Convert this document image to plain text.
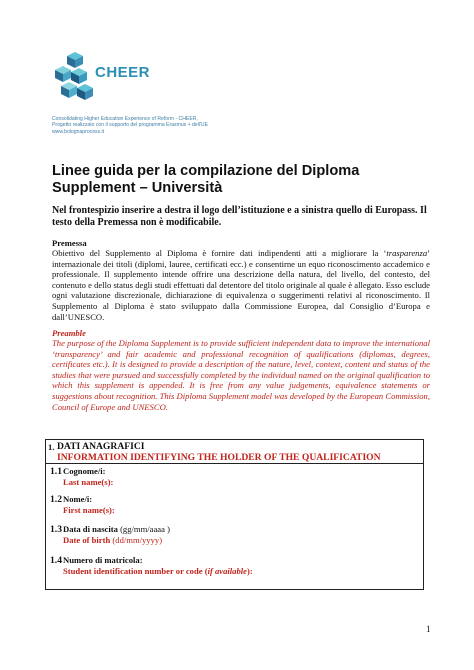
CHEER
Consolidating Higher Education Experience of Reform - CHEER,
Progetto realizzato con il supporto del programma Erasmus + dell'UE
www.bolognaprocess.it
Linee guida per la compilazione del Diploma Supplement – Università
Nel frontespizio inserire a destra il logo dell’istituzione e a sinistra quello di Europass. Il testo della Premessa non è modificabile.
Premessa
Obiettivo del Supplemento al Diploma è fornire dati indipendenti atti a migliorare la ‘trasparenza’ internazionale dei titoli (diplomi, lauree, certificati ecc.) e consentirne un equo riconoscimento accademico e professionale. Il supplemento intende offrire una descrizione della natura, del livello, del contesto, del contenuto e dello status degli studi effettuati dal detentore del titolo originale al quale è allegato. Esso esclude ogni valutazione discrezionale, dichiarazione di equivalenza o suggerimenti relativi al riconoscimento. Il Supplemento al Diploma è stato sviluppato dalla Commissione Europea, dal Consiglio d’Europa e dall’UNESCO.
Preamble
The purpose of the Diploma Supplement is to provide sufficient independent data to improve the international ‘transparency’ and fair academic and professional recognition of qualifications (diplomas, degrees, certificates etc.). It is designed to provide a description of the nature, level, context, content and status of the studies that were pursued and successfully completed by the individual named on the original qualification to which this supplement is appended. It is free from any value judgements, equivalence statements or suggestions about recognition. This Diploma Supplement model was developed by the European Commission, Council of Europe and UNESCO.
1. DATI ANAGRAFICI
INFORMATION IDENTIFYING THE HOLDER OF THE QUALIFICATION
1.1 Cognome/i:
Last name(s):
1.2 Nome/i:
First name(s):
1.3 Data di nascita (gg/mm/aaaa )
Date of birth (dd/mm/yyyy)
1.4 Numero di matricola:
Student identification number or code (if available):
1
